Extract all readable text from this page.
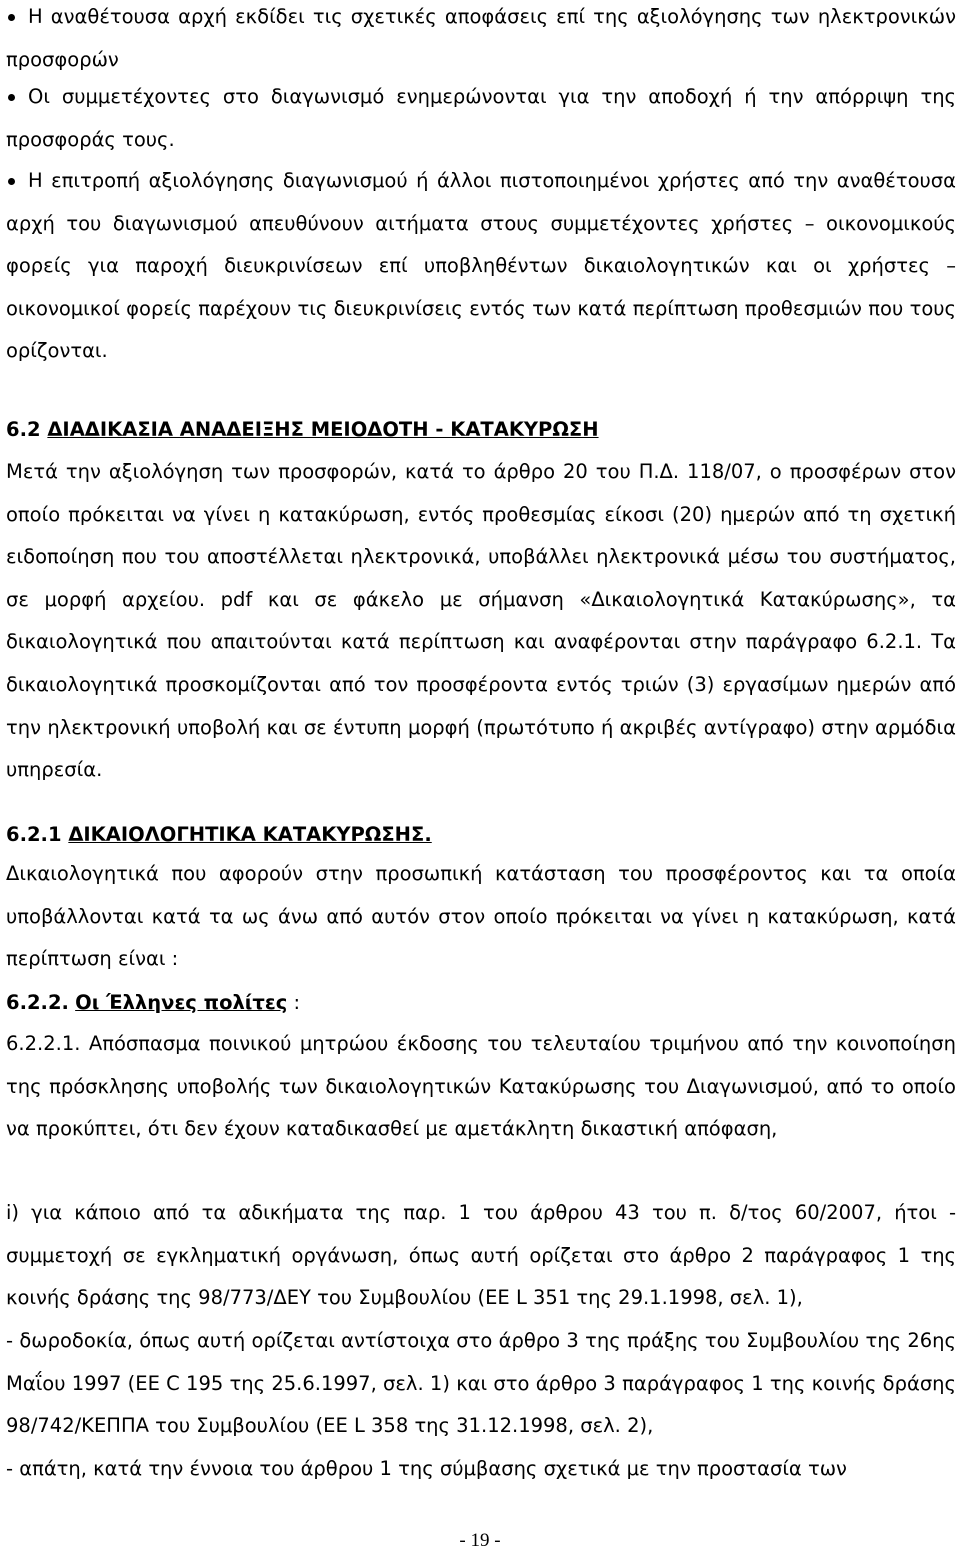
Η αναθέτουσα αρχή εκδίδει τις σχετικές αποφάσεις επί της αξιολόγησης των ηλεκτρονικών προσφορών
Οι συμμετέχοντες στο διαγωνισμό ενημερώνονται για την αποδοχή ή την απόρριψη της προσφοράς τους.
Η επιτροπή αξιολόγησης διαγωνισμού ή άλλοι πιστοποιημένοι χρήστες από την αναθέτουσα αρχή του διαγωνισμού απευθύνουν αιτήματα στους συμμετέχοντες χρήστες – οικονομικούς φορείς για παροχή διευκρινίσεων επί υποβληθέντων δικαιολογητικών και οι χρήστες – οικονομικοί φορείς παρέχουν τις διευκρινίσεις εντός των κατά περίπτωση προθεσμιών που τους ορίζονται.
6.2 ΔΙΑΔΙΚΑΣΙΑ ΑΝΑΔΕΙΞΗΣ ΜΕΙΟΔΟΤΗ - ΚΑΤΑΚΥΡΩΣΗ
Μετά την αξιολόγηση των προσφορών, κατά το άρθρο 20 του Π.Δ. 118/07, ο προσφέρων στον οποίο πρόκειται να γίνει η κατακύρωση, εντός προθεσμίας είκοσι (20) ημερών από τη σχετική ειδοποίηση που του αποστέλλεται ηλεκτρονικά, υποβάλλει ηλεκτρονικά μέσω του συστήματος, σε μορφή αρχείου. pdf και σε φάκελο με σήμανση «Δικαιολογητικά Κατακύρωσης», τα δικαιολογητικά που απαιτούνται κατά περίπτωση και αναφέρονται στην παράγραφο 6.2.1. Τα δικαιολογητικά προσκομίζονται από τον προσφέροντα εντός τριών (3) εργασίμων ημερών από την ηλεκτρονική υποβολή και σε έντυπη μορφή (πρωτότυπο ή ακριβές αντίγραφο) στην αρμόδια υπηρεσία.
6.2.1 ΔΙΚΑΙΟΛΟΓΗΤΙΚΑ ΚΑΤΑΚΥΡΩΣΗΣ.
Δικαιολογητικά που αφορούν στην προσωπική κατάσταση του προσφέροντος και τα οποία υποβάλλονται κατά τα ως άνω από αυτόν στον οποίο πρόκειται να γίνει η κατακύρωση, κατά περίπτωση είναι :
6.2.2. Οι Έλληνες πολίτες :
6.2.2.1. Απόσπασμα ποινικού μητρώου έκδοσης του τελευταίου τριμήνου από την κοινοποίηση της πρόσκλησης υποβολής των δικαιολογητικών Κατακύρωσης του Διαγωνισμού, από το οποίο να προκύπτει, ότι δεν έχουν καταδικασθεί με αμετάκλητη δικαστική απόφαση,
i) για κάποιο από τα αδικήματα της παρ. 1 του άρθρου 43 του π. δ/τος 60/2007, ήτοι - συμμετοχή σε εγκληματική οργάνωση, όπως αυτή ορίζεται στο άρθρο 2 παράγραφος 1 της κοινής δράσης της 98/773/ΔΕΥ του Συμβουλίου (ΕΕ L 351 της 29.1.1998, σελ. 1),
- δωροδοκία, όπως αυτή ορίζεται αντίστοιχα στο άρθρο 3 της πράξης του Συμβουλίου της 26ης Μαΐου 1997 (ΕΕ C 195 της 25.6.1997, σελ. 1) και στο άρθρο 3 παράγραφος 1 της κοινής δράσης 98/742/ΚΕΠΠΑ του Συμβουλίου (ΕΕ L 358 της 31.12.1998, σελ. 2),
- απάτη, κατά την έννοια του άρθρου 1 της σύμβασης σχετικά με την προστασία των
- 19 -
